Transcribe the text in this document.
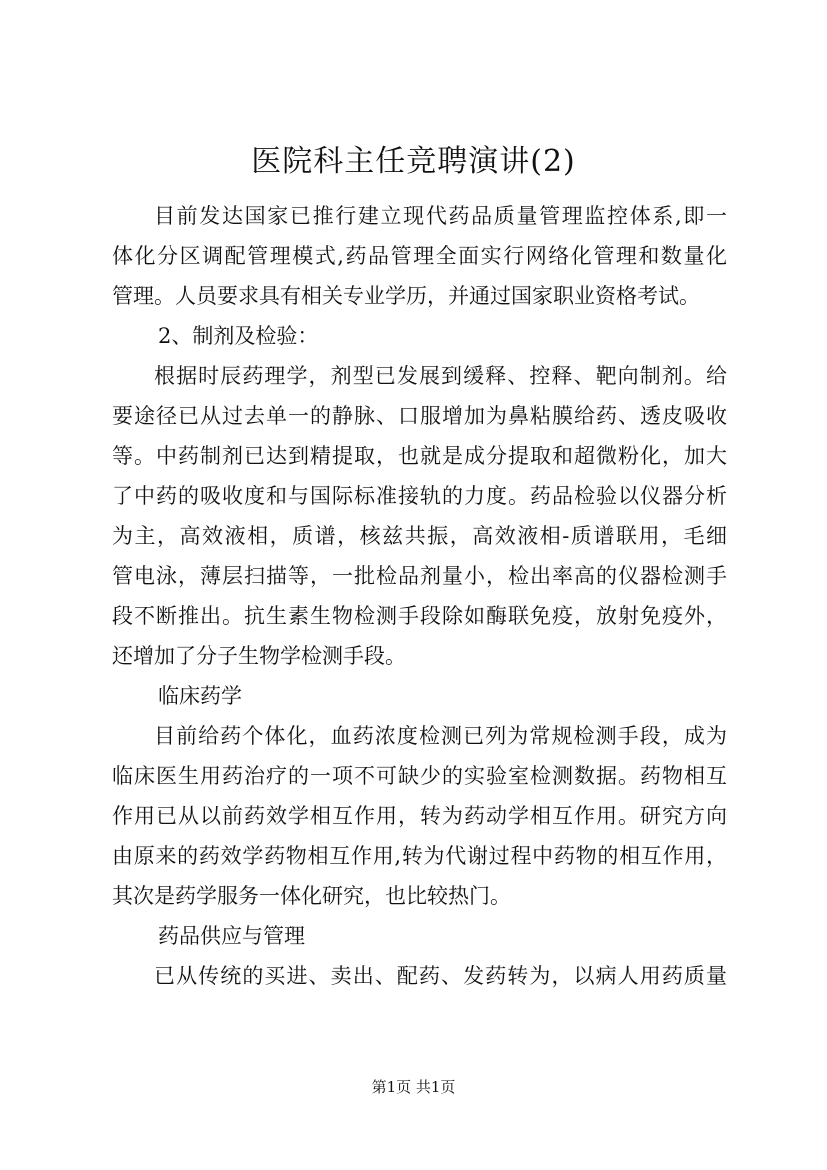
医院科主任竞聘演讲(2)

目前发达国家已推行建立现代药品质量管理监控体系,即一
体化分区调配管理模式,药品管理全面实行网络化管理和数量化
管理。人员要求具有相关专业学历，并通过国家职业资格考试。

2、制剂及检验：

根据时辰药理学，剂型已发展到缓释、控释、靶向制剂。给
要途径已从过去单一的静脉、口服增加为鼻粘膜给药、透皮吸收
等。中药制剂已达到精提取，也就是成分提取和超微粉化，加大
了中药的吸收度和与国际标准接轨的力度。药品检验以仪器分析
为主，高效液相，质谱，核兹共振，高效液相-质谱联用，毛细
管电泳，薄层扫描等，一批检品剂量小，检出率高的仪器检测手
段不断推出。抗生素生物检测手段除如酶联免疫，放射免疫外，
还增加了分子生物学检测手段。

临床药学

目前给药个体化，血药浓度检测已列为常规检测手段，成为
临床医生用药治疗的一项不可缺少的实验室检测数据。药物相互
作用已从以前药效学相互作用，转为药动学相互作用。研究方向
由原来的药效学药物相互作用,转为代谢过程中药物的相互作用，
其次是药学服务一体化研究，也比较热门。

药品供应与管理

已从传统的买进、卖出、配药、发药转为，以病人用药质量

第1页 共1页
